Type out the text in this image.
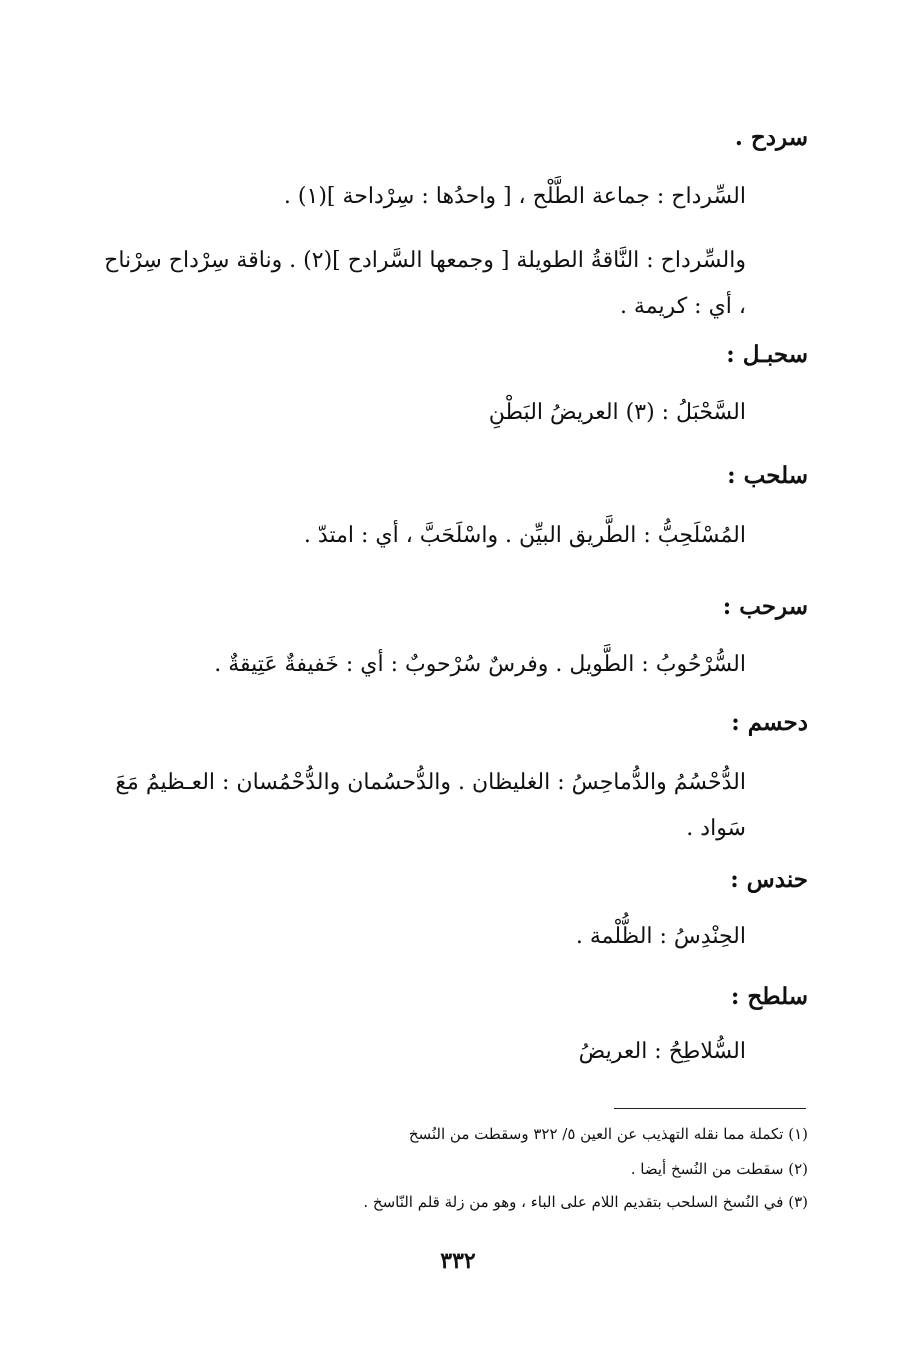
سردح .

السِّرداح : جماعة الطَّلْح ، [ واحدُها : سِرْداحة ](١) .

والسِّرداح : النَّاقةُ الطويلة [ وجمعها السَّرادح ](٢) . وناقة سِرْداح سِرْناح ، أي : كريمة .

سحبـل :

السَّحْبَلُ : (٣) العريضُ البَطْنِ

سلحب :

المُسْلَحِبُّ : الطَّريق البيِّن . واسْلَحَبَّ ، أي : امتدّ .

سرحب :

السُّرْحُوبُ : الطَّويل . وفرسٌ سُرْحوبٌ : أي : خَفيفةٌ عَتِيقةٌ .

دحسم :

الدُّحْسُمُ والدُّماحِسُ : الغليظان . والدُّحسُمان والدُّحْمُسان : العـظيمُ مَعَ سَواد .

حندس :

الحِنْدِسُ : الظُّلْمة .

سلطح :

السُّلاطِحُ : العريضُ

(١) تكملة مما نقله التهذيب عن العين ٥/ ٣٢٢ وسقطت من النُسخ

(٢) سقطت من النُسخ أيضا .

(٣) في النُسخ السلحب بتقديم اللام على الباء ، وهو من زلة قلم النّاسخ .

٣٣٢
